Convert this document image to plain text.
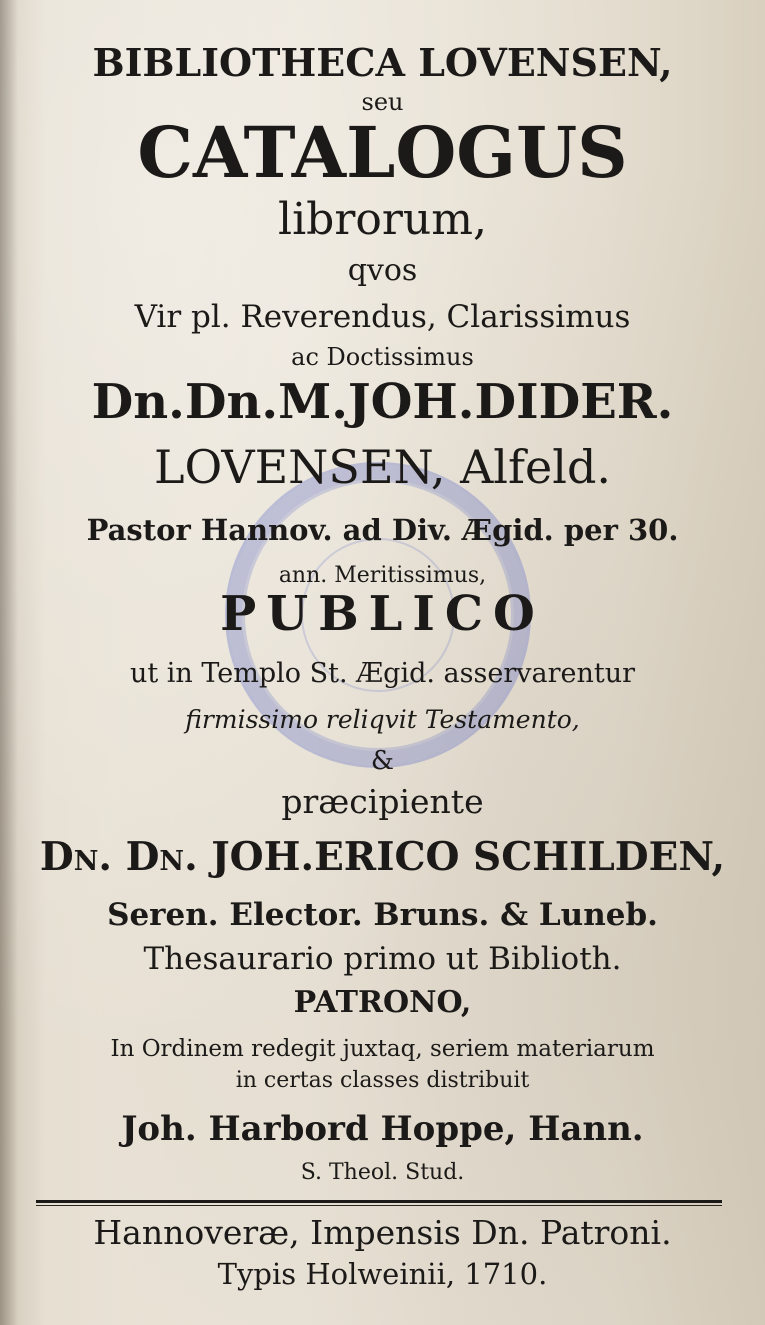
BIBLIOTHECA LOVENSEN,
seu
CATALOGUS
librorum,
qvos
Vir pl. Reverendus, Clarissimus
ac Doctissimus
Dn.Dn.M.JOH.DIDER.
LOVENSEN, Alfeld.
Pastor Hannov. ad Div. Ægid. per 30.
ann. Meritissimus,
PUBLICO
ut in Templo St. Ægid. asservarentur
firmissimo reliqvit Testamento,
&
præcipiente
Dn. Dn. JOH.ERICO SCHILDEN,
Seren. Elector. Bruns. & Luneb.
Thesaurario primo ut Biblioth.
PATRONO,
In Ordinem redegit juxtaq, seriem materiarum
in certas classes distribuit
Joh. Harbord Hoppe, Hann.
S. Theol. Stud.
Hannoveræ, Impensis Dn. Patroni.
Typis Holweinii, 1710.
